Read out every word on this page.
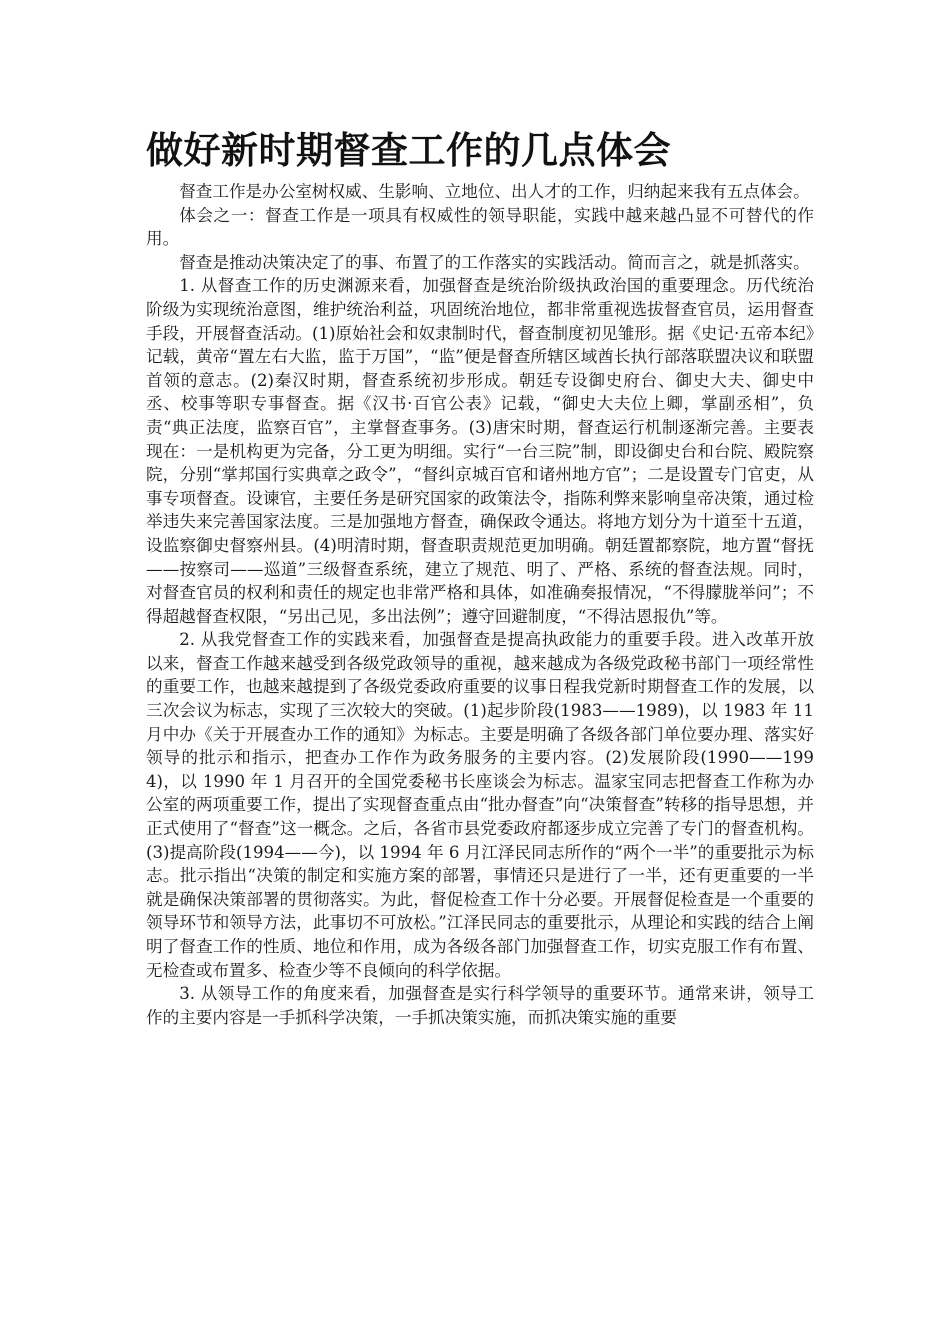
做好新时期督查工作的几点体会

督查工作是办公室树权威、生影响、立地位、出人才的工作，归纳起来我有五点体会。

体会之一：督查工作是一项具有权威性的领导职能，实践中越来越凸显不可替代的作用。

督查是推动决策决定了的事、布置了的工作落实的实践活动。简而言之，就是抓落实。

1. 从督查工作的历史渊源来看，加强督查是统治阶级执政治国的重要理念。历代统治阶级为实现统治意图，维护统治利益，巩固统治地位，都非常重视选拔督查官员，运用督查手段，开展督查活动。(1)原始社会和奴隶制时代，督查制度初见雏形。据《史记·五帝本纪》记载，黄帝“置左右大监，监于万国”，“监”便是督查所辖区域酋长执行部落联盟决议和联盟首领的意志。(2)秦汉时期，督查系统初步形成。朝廷专设御史府台、御史大夫、御史中丞、校事等职专事督查。据《汉书·百官公表》记载，“御史大夫位上卿，掌副丞相”，负责“典正法度，监察百官”，主掌督查事务。(3)唐宋时期，督查运行机制逐渐完善。主要表现在：一是机构更为完备，分工更为明细。实行“一台三院”制，即设御史台和台院、殿院察院，分别“掌邦国行实典章之政令”，“督纠京城百官和诸州地方官”；二是设置专门官吏，从事专项督查。设谏官，主要任务是研究国家的政策法令，指陈利弊来影响皇帝决策，通过检举违失来完善国家法度。三是加强地方督查，确保政令通达。将地方划分为十道至十五道，设监察御史督察州县。(4)明清时期，督查职责规范更加明确。朝廷置都察院，地方置“督抚——按察司——巡道”三级督查系统，建立了规范、明了、严格、系统的督查法规。同时，对督查官员的权利和责任的规定也非常严格和具体，如准确奏报情况，“不得朦胧举问”；不得超越督查权限，“另出己见，多出法例”；遵守回避制度，“不得沽恩报仇”等。

2. 从我党督查工作的实践来看，加强督查是提高执政能力的重要手段。进入改革开放以来，督查工作越来越受到各级党政领导的重视，越来越成为各级党政秘书部门一项经常性的重要工作，也越来越提到了各级党委政府重要的议事日程我党新时期督查工作的发展，以三次会议为标志，实现了三次较大的突破。(1)起步阶段(1983——1989)，以 1983 年 11 月中办《关于开展查办工作的通知》为标志。主要是明确了各级各部门单位要办理、落实好领导的批示和指示，把查办工作作为政务服务的主要内容。(2)发展阶段(1990——1994)，以 1990 年 1 月召开的全国党委秘书长座谈会为标志。温家宝同志把督查工作称为办公室的两项重要工作，提出了实现督查重点由“批办督查”向“决策督查”转移的指导思想，并正式使用了“督查”这一概念。之后，各省市县党委政府都逐步成立完善了专门的督查机构。(3)提高阶段(1994——今)，以 1994 年 6 月江泽民同志所作的“两个一半”的重要批示为标志。批示指出“决策的制定和实施方案的部署，事情还只是进行了一半，还有更重要的一半就是确保决策部署的贯彻落实。为此，督促检查工作十分必要。开展督促检查是一个重要的领导环节和领导方法，此事切不可放松。”江泽民同志的重要批示，从理论和实践的结合上阐明了督查工作的性质、地位和作用，成为各级各部门加强督查工作，切实克服工作有布置、无检查或布置多、检查少等不良倾向的科学依据。

3. 从领导工作的角度来看，加强督查是实行科学领导的重要环节。通常来讲，领导工作的主要内容是一手抓科学决策，一手抓决策实施，而抓决策实施的重要
